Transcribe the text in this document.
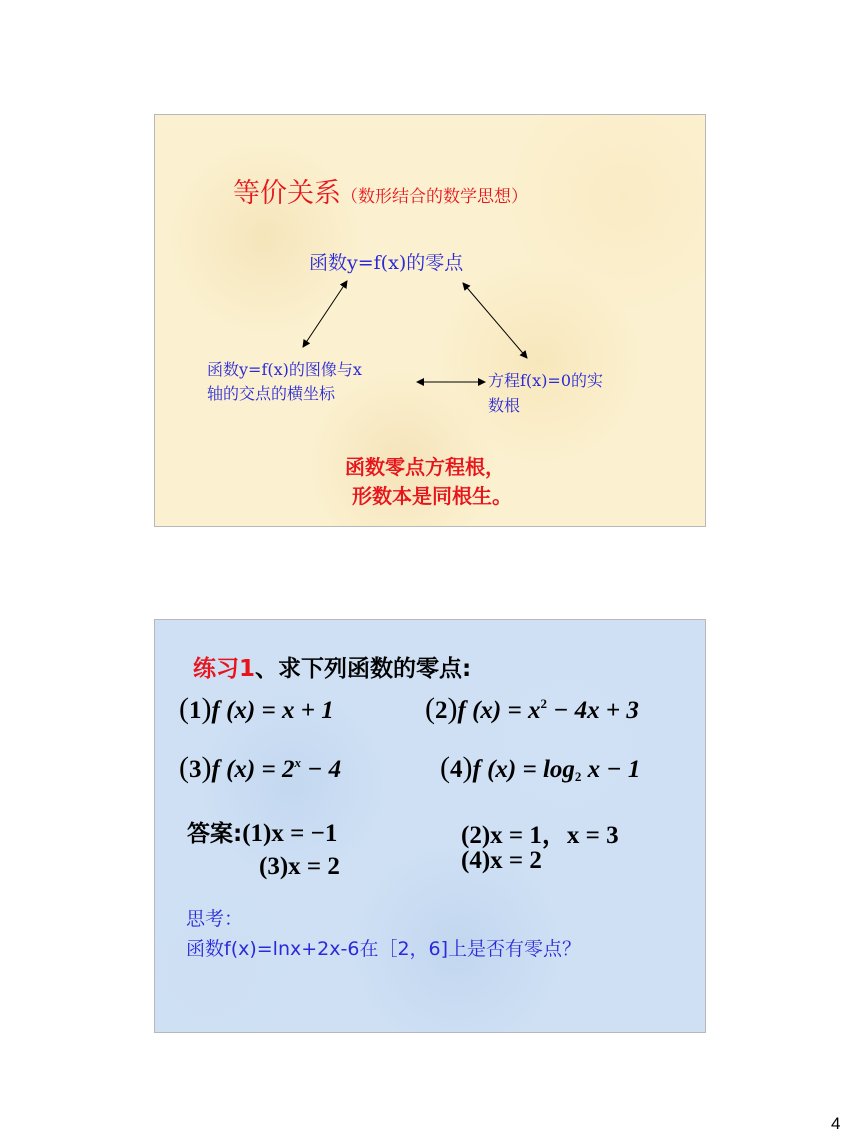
等价关系（数形结合的数学思想）
函数y=f(x)的零点
函数y=f(x)的图像与x
轴的交点的横坐标
方程f(x)=0的实
数根
函数零点方程根，
形数本是同根生。
练习1、求下列函数的零点:
(1)f (x) = x + 1	(2)f $(x) = x^2 - 4x + 3$
(3)f $(x) = 2^x - 4$	(4)f $(x) = \log_2 x - 1$
答案:(1)x = −1	(2)x = 1，x = 3
(3)x = 2	(4)x = 2
思考：
函数f(x)=lnx+2x-6在［2，6]上是否有零点？
4
